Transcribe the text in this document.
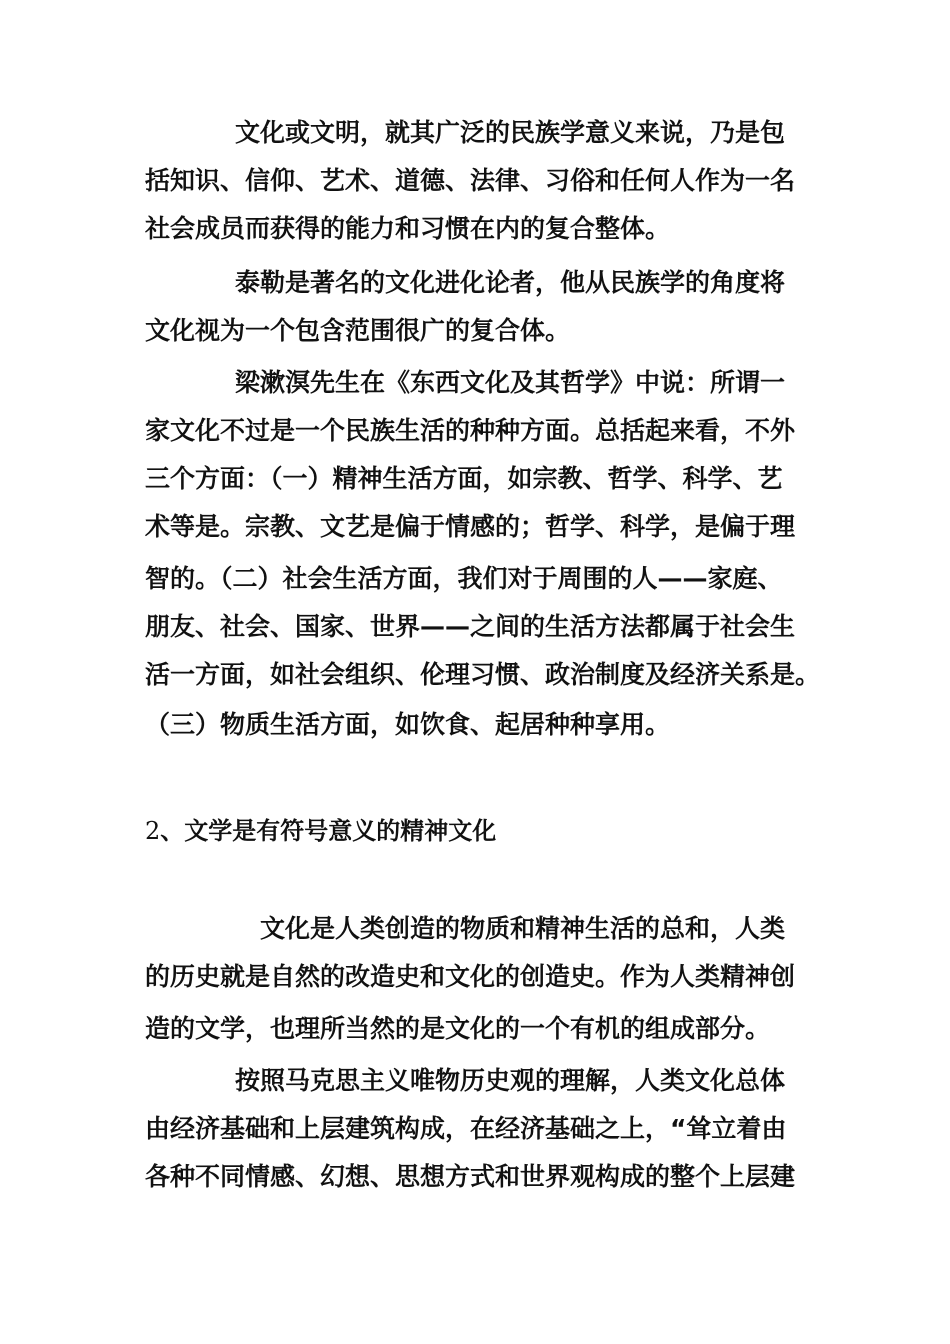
文化或文明，就其广泛的民族学意义来说，乃是包
括知识、信仰、艺术、道德、法律、习俗和任何人作为一名
社会成员而获得的能力和习惯在内的复合整体。
泰勒是著名的文化进化论者，他从民族学的角度将
文化视为一个包含范围很广的复合体。
梁漱溟先生在《东西文化及其哲学》中说：所谓一
家文化不过是一个民族生活的种种方面。总括起来看，不外
三个方面：（一）精神生活方面，如宗教、哲学、科学、艺
术等是。宗教、文艺是偏于情感的；哲学、科学，是偏于理
智的。（二）社会生活方面，我们对于周围的人——家庭、
朋友、社会、国家、世界——之间的生活方法都属于社会生
活一方面，如社会组织、伦理习惯、政治制度及经济关系是。
（三）物质生活方面，如饮食、起居种种享用。
2、文学是有符号意义的精神文化
文化是人类创造的物质和精神生活的总和，人类
的历史就是自然的改造史和文化的创造史。作为人类精神创
造的文学，也理所当然的是文化的一个有机的组成部分。
按照马克思主义唯物历史观的理解，人类文化总体
由经济基础和上层建筑构成，在经济基础之上，“耸立着由
各种不同情感、幻想、思想方式和世界观构成的整个上层建
